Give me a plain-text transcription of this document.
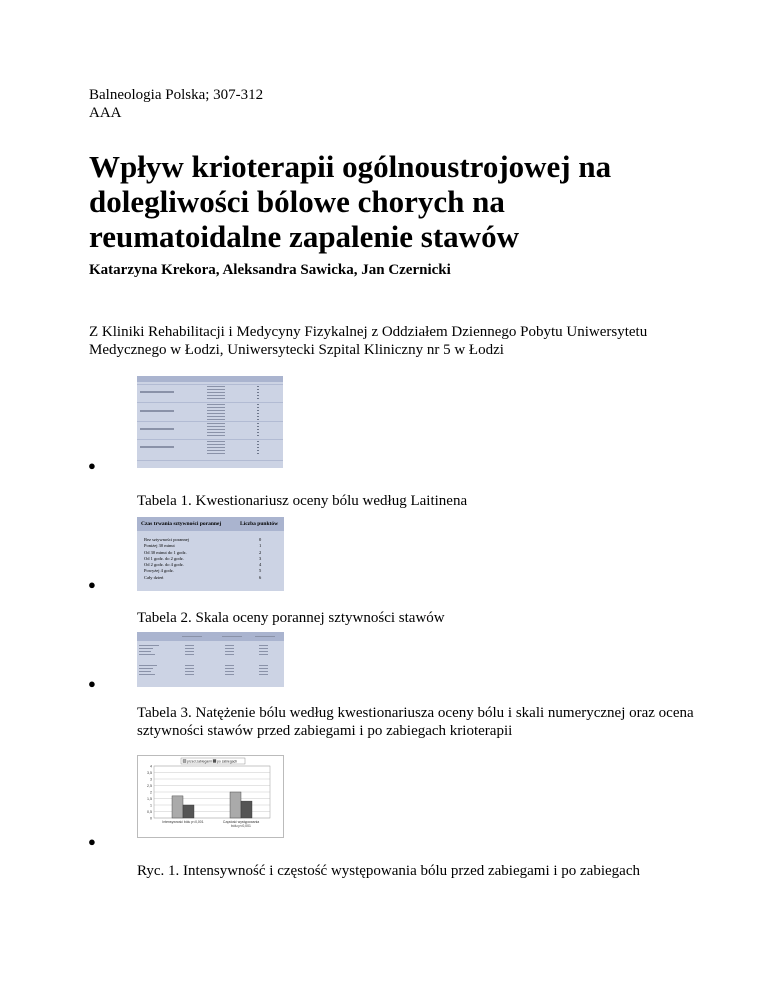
Balneologia Polska; 307-312
AAA
Wpływ krioterapii ogólnoustrojowej na dolegliwości bólowe chorych na reumatoidalne zapalenie stawów
Katarzyna Krekora, Aleksandra Sawicka, Jan Czernicki
Z Kliniki Rehabilitacji i Medycyny Fizykalnej z Oddziałem Dziennego Pobytu Uniwersytetu Medycznego w Łodzi, Uniwersytecki Szpital Kliniczny nr 5 w Łodzi
●
Tabela 1. Kwestionariusz oceny bólu według Laitinena
Czas trwania sztywności porannej	Liczba punktów
Bez sztywności porannej
Poniżej 30 minut
Od 30 minut do 1 godz.
Od 1 godz. do 2 godz.
Od 2 godz. do 4 godz.
Powyżej 4 godz.
Cały dzień
0
1
2
3
4
5
6
●
Tabela 2. Skala oceny porannej sztywności stawów
●
Tabela 3. Natężenie bólu według kwestionariusza oceny bólu i skali numerycznej oraz ocena sztywności stawów przed zabiegami i po zabiegach krioterapii
0
0,5
1
1,5
2
2,5
3
3,5
4
Intensywność bólu p<0,001	Częstość występowania
bólu p<0,001
przed zabiegami po zabiegach
●
Ryc. 1. Intensywność i częstość występowania bólu przed zabiegami i po zabiegach
